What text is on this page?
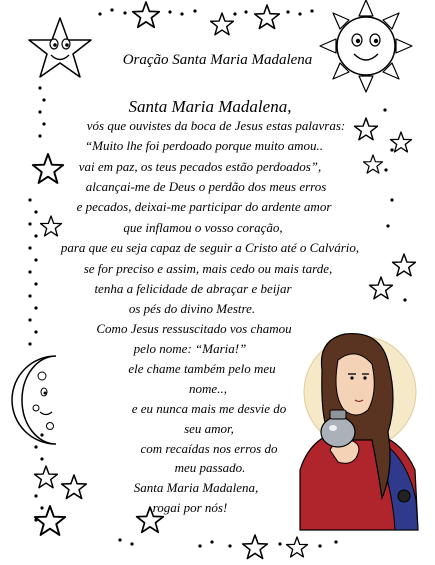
Oração Santa Maria Madalena
Santa Maria Madalena,
vós que ouvistes da boca de Jesus estas palavras:
“Muito lhe foi perdoado porque muito amou..
vai em paz, os teus pecados estão perdoados”,
alcançai-me de Deus o perdão dos meus erros
e pecados, deixai-me participar do ardente amor
que inflamou o vosso coração,
para que eu seja capaz de seguir a Cristo até o Calvário,
se for preciso e assim, mais cedo ou mais tarde,
tenha a felicidade de abraçar e beijar
os pés do divino Mestre.
Como Jesus ressuscitado vos chamou
pelo nome: “Maria!”
ele chame também pelo meu
nome..,
e eu nunca mais me desvie do
seu amor,
com recaídas nos erros do
meu passado.
Santa Maria Madalena,
rogai por nós!
